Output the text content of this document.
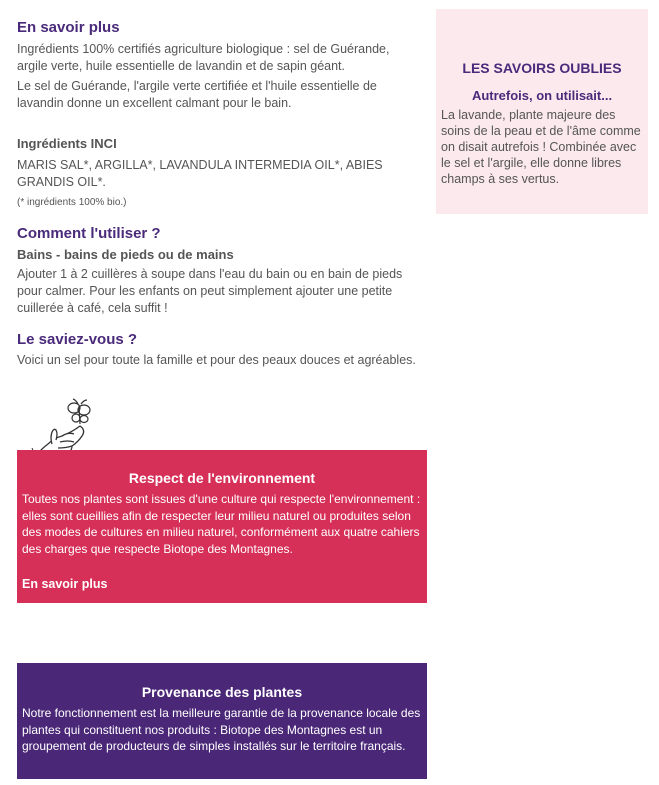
En savoir plus

Ingrédients 100% certifiés agriculture biologique : sel de Guérande, argile verte, huile essentielle de lavandin et de sapin géant.

Le sel de Guérande, l'argile verte certifiée et l'huile essentielle de lavandin donne un excellent calmant pour le bain.

Ingrédients INCI

MARIS SAL*, ARGILLA*, LAVANDULA INTERMEDIA OIL*, ABIES GRANDIS OIL*.

(* ingrédients 100% bio.)

Comment l'utiliser ?
Bains - bains de pieds ou de mains

Ajouter 1 à 2 cuillères à soupe dans l'eau du bain ou en bain de pieds pour calmer. Pour les enfants on peut simplement ajouter une petite cuillerée à café, cela suffit !

Le saviez-vous ?

Voici un sel pour toute la famille et pour des peaux douces et agréables.

LES SAVOIRS OUBLIES
Autrefois, on utilisait...

La lavande, plante majeure des soins de la peau et de l'âme comme on disait autrefois ! Combinée avec le sel et l'argile, elle donne libres champs à ses vertus.

Respect de l'environnement

Toutes nos plantes sont issues d'une culture qui respecte l'environnement : elles sont cueillies afin de respecter leur milieu naturel ou produites selon des modes de cultures en milieu naturel, conformément aux quatre cahiers des charges que respecte Biotope des Montagnes.

En savoir plus
Provenance des plantes

Notre fonctionnement est la meilleure garantie de la provenance locale des plantes qui constituent nos produits : Biotope des Montagnes est un groupement de producteurs de simples installés sur le territoire français.
